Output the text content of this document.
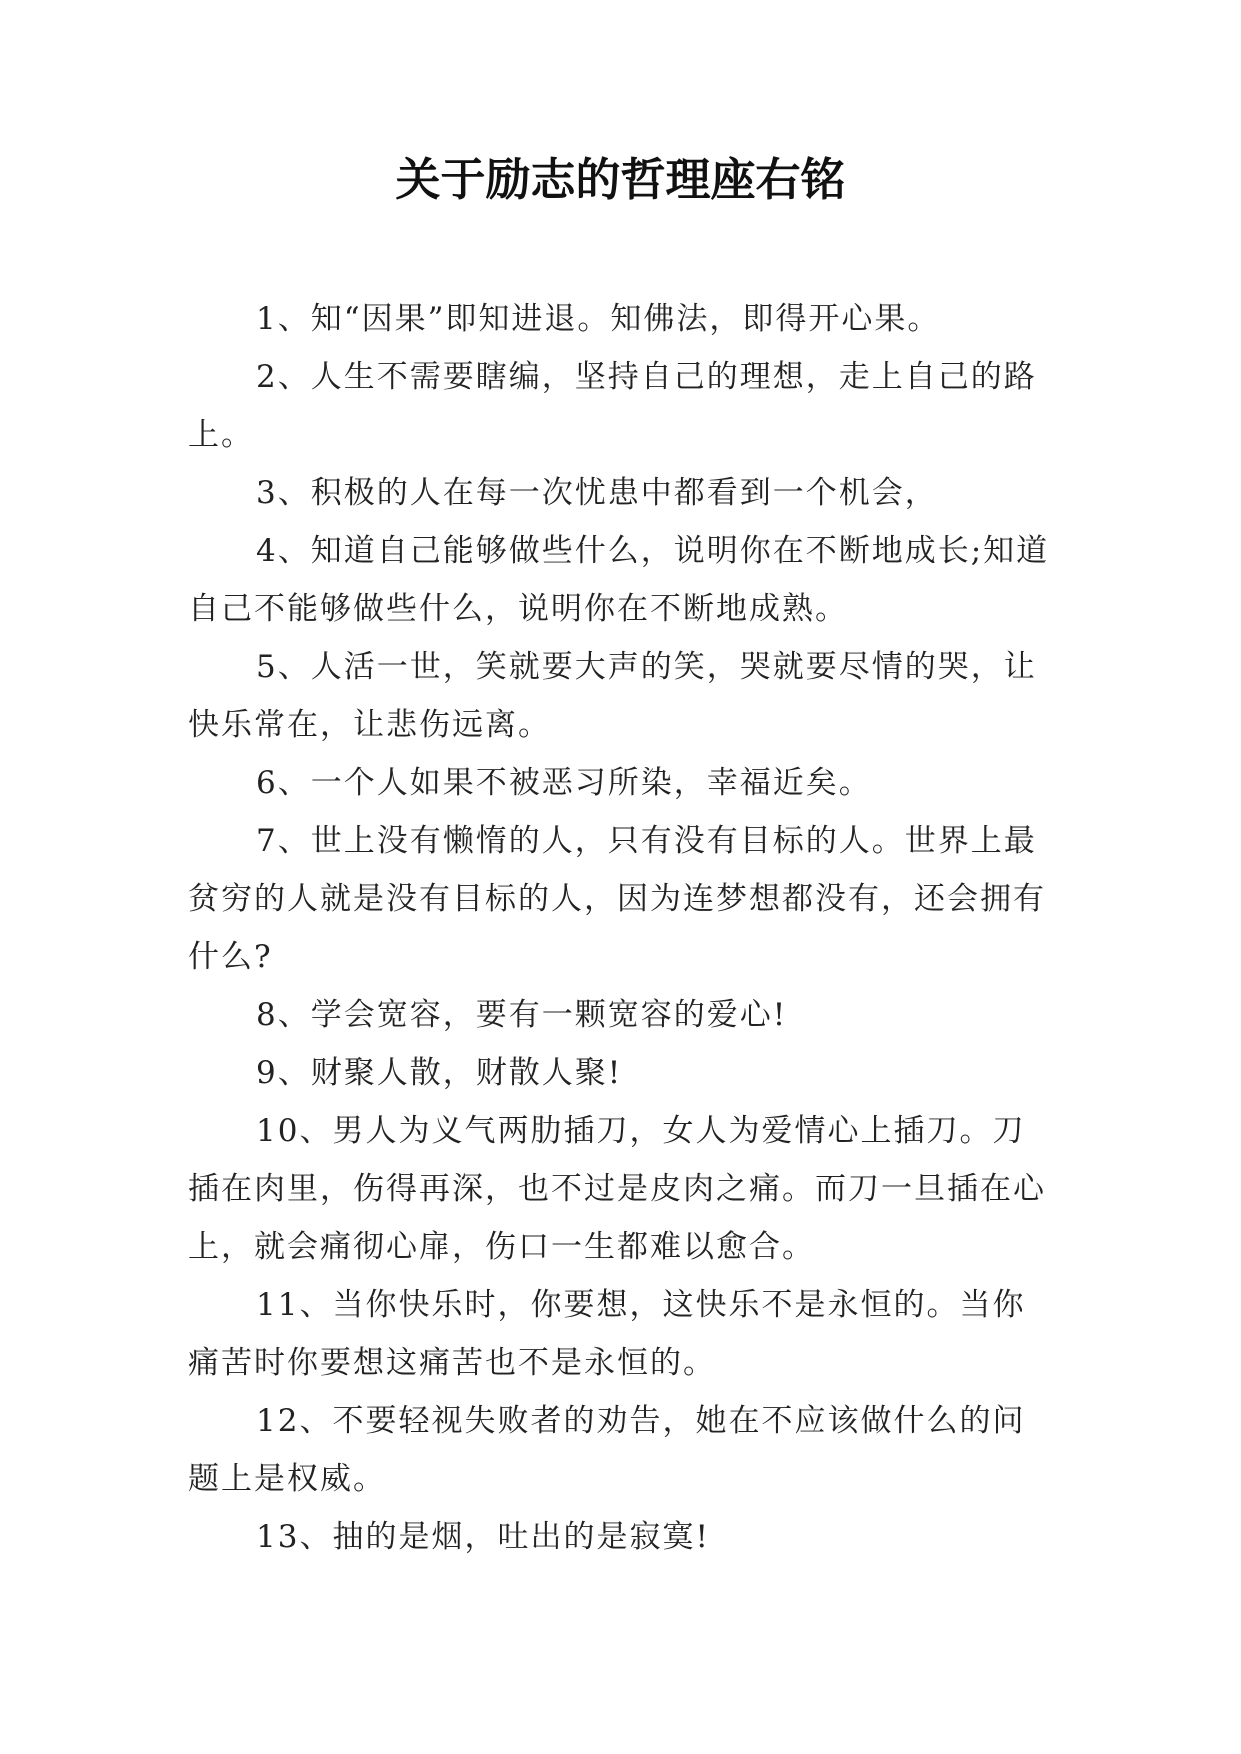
关于励志的哲理座右铭

1、知“因果”即知进退。知佛法，即得开心果。

2、人生不需要瞎编，坚持自己的理想，走上自己的路上。

3、积极的人在每一次忧患中都看到一个机会，

4、知道自己能够做些什么，说明你在不断地成长;知道自己不能够做些什么，说明你在不断地成熟。

5、人活一世，笑就要大声的笑，哭就要尽情的哭，让快乐常在，让悲伤远离。

6、一个人如果不被恶习所染，幸福近矣。

7、世上没有懒惰的人，只有没有目标的人。世界上最贫穷的人就是没有目标的人，因为连梦想都没有，还会拥有什么?

8、学会宽容，要有一颗宽容的爱心!

9、财聚人散，财散人聚!

10、男人为义气两肋插刀，女人为爱情心上插刀。刀插在肉里，伤得再深，也不过是皮肉之痛。而刀一旦插在心上，就会痛彻心扉，伤口一生都难以愈合。

11、当你快乐时，你要想，这快乐不是永恒的。当你痛苦时你要想这痛苦也不是永恒的。

12、不要轻视失败者的劝告，她在不应该做什么的问题上是权威。

13、抽的是烟，吐出的是寂寞!
